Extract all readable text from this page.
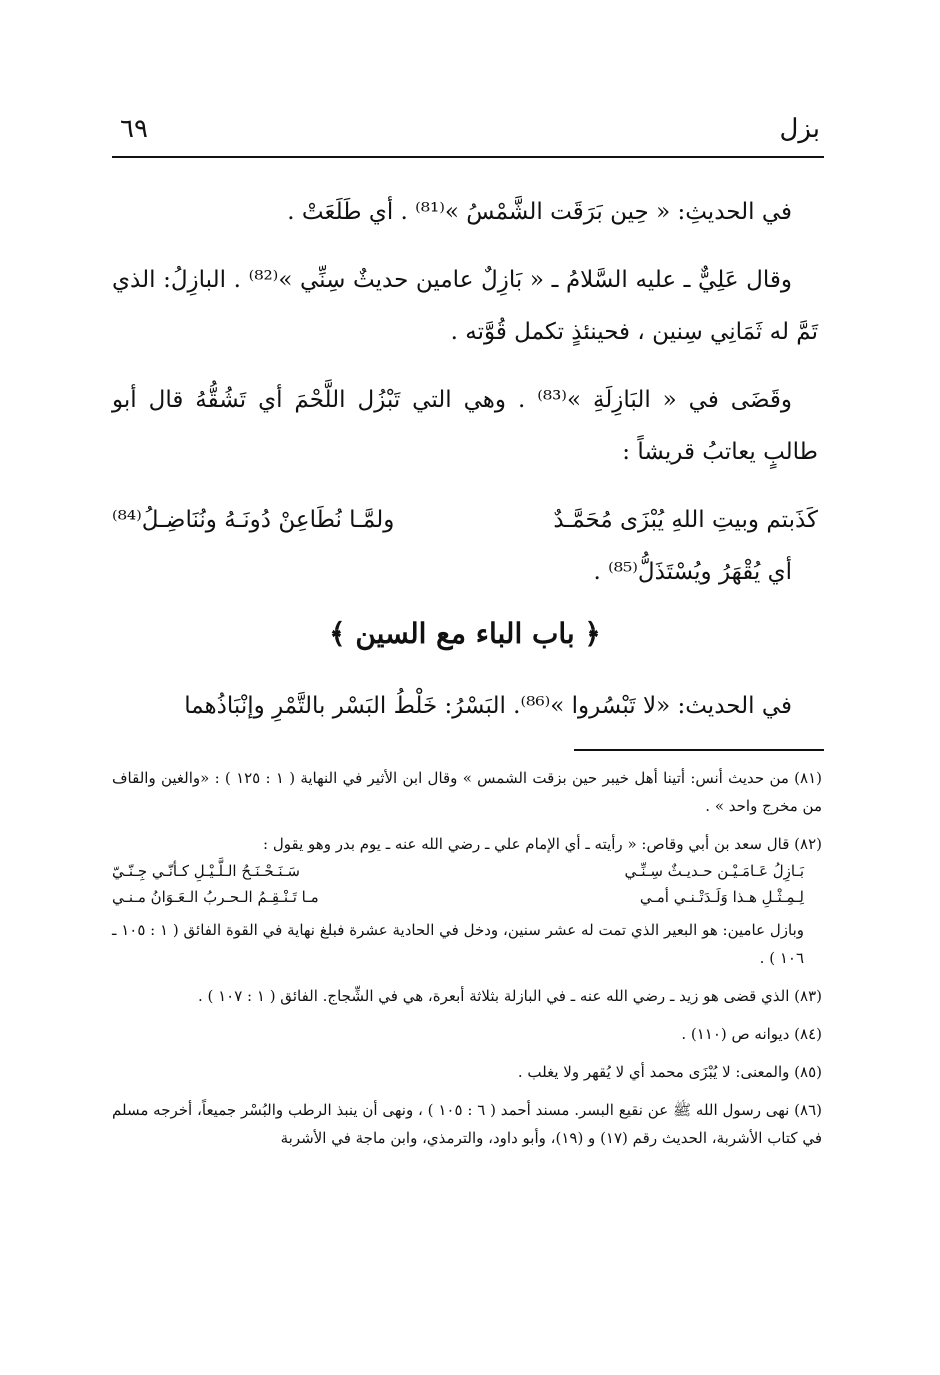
بزل
٦٩

في الحديثِ: « حِين بَرَقَت الشَّمْسُ »⁽⁸¹⁾ . أي طَلَعَتْ .

وقال عَلِيٌّ ـ عليه السَّلامُ ـ « بَازِلٌ عامين حديثٌ سِنِّي »⁽⁸²⁾ . البازِلُ: الذي تَمَّ له ثَمَانِي سِنين ، فحينئذٍ تكمل قُوَّته .

وقَضَى في « البَازِلَةِ »⁽⁸³⁾ . وهي التي تَبْزُل اللَّحْمَ أي تَشُقُّهُ قال أبو طالبٍ يعاتبُ قريشاً :

كَذَبتم وبيتِ اللهِ يُبْزَى مُحَمَّـدٌ
ولمَّـا نُطَاعِنْ دُونَـهُ ونُنَاضِـلُ⁽⁸⁴⁾
أي يُقْهَرُ ويُسْتَذَلُّ⁽⁸⁵⁾ .
﴿ باب الباء مع السين ﴾

في الحديث: «لا تَبْسُروا »⁽⁸⁶⁾. البَسْرُ: خَلْطُ البَسْر بالتَّمْرِ وإنْبَاذُهما

(٨١) من حديث أنس: أتينا أهل خيبر حين بزقت الشمس » وقال ابن الأثير في النهاية ( ١ : ١٢٥ ) : «والغين والقاف من مخرج واحد » .
(٨٢) قال سعد بن أبي وقاص: « رأيته ـ أي الإمام علي ـ رضي الله عنه ـ يوم بدر وهو يقول :
بَـازِلُ عَـامَـيْـن حـديـثٌ سِـنِّـي
سَـنَـحْـنَـحُ الـلَّـيْـلِ كـأنّـي جِـنّـيّ
لِـمِـثْـلِ هـذا وَلَـدَتْـنـي أمـي
مـا تَـنْـقِـمُ الـحـربُ الـعَـوَانُ مـنـي
وبازل عامين: هو البعير الذي تمت له عشر سنين، ودخل في الحادية عشرة فبلغ نهاية في القوة الفائق ( ١ : ١٠٥ ـ ١٠٦ ) .
(٨٣) الذي قضى هو زيد ـ رضي الله عنه ـ في البازلة بثلاثة أبعرة، هي في الشِّجاج. الفائق ( ١ : ١٠٧ ) .
(٨٤) ديوانه ص (١١٠) .
(٨٥) والمعنى: لا يُبْزَى محمد أي لا يُقهر ولا يغلب .
(٨٦) نهى رسول الله ﷺ عن نقيع البسر. مسند أحمد ( ٦ : ١٠٥ ) ، ونهى أن ينبذ الرطب والبُسْر جميعاً، أخرجه مسلم في كتاب الأشربة، الحديث رقم (١٧) و (١٩)، وأبو داود، والترمذي، وابن ماجة في الأشربة
